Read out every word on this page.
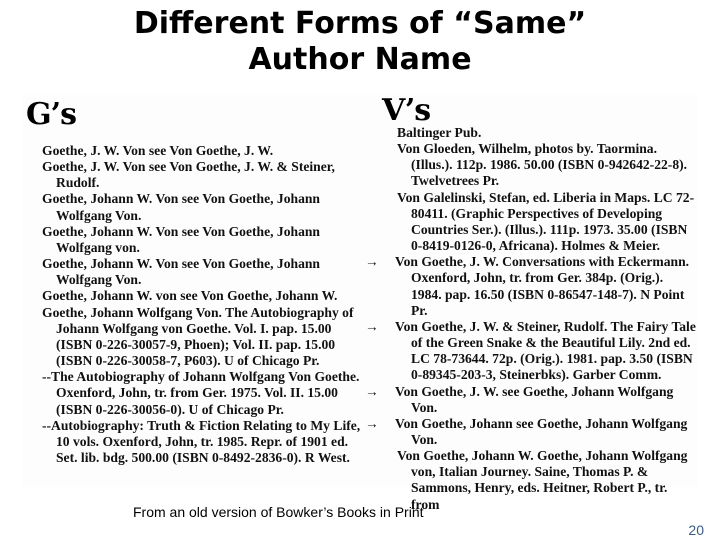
Different Forms of “Same”
Author Name
G’s	V’s

Goethe, J. W. Von see Von Goethe, J. W.

Goethe, J. W. Von see Von Goethe, J. W. & Steiner, Rudolf.

Goethe, Johann W. Von see Von Goethe, Johann Wolfgang Von.

Goethe, Johann W. Von see Von Goethe, Johann Wolfgang von.

Goethe, Johann W. Von see Von Goethe, Johann Wolfgang Von.

Goethe, Johann W. von see Von Goethe, Johann W.

Goethe, Johann Wolfgang Von. The Autobiography of Johann Wolfgang von Goethe. Vol. I. pap. 15.00 (ISBN 0-226-30057-9, Phoen); Vol. II. pap. 15.00 (ISBN 0-226-30058-7, P603). U of Chicago Pr.

--The Autobiography of Johann Wolfgang Von Goethe. Oxenford, John, tr. from Ger. 1975. Vol. II. 15.00 (ISBN 0-226-30056-0). U of Chicago Pr.

--Autobiography: Truth & Fiction Relating to My Life, 10 vols. Oxenford, John, tr. 1985. Repr. of 1901 ed. Set. lib. bdg. 500.00 (ISBN 0-8492-2836-0). R West.

Baltinger Pub.

Von Gloeden, Wilhelm, photos by. Taormina. (Illus.). 112p. 1986. 50.00 (ISBN 0-942642-22-8). Twelvetrees Pr.

Von Galelinski, Stefan, ed. Liberia in Maps. LC 72-80411. (Graphic Perspectives of Developing Countries Ser.). (Illus.). 111p. 1973. 35.00 (ISBN 0-8419-0126-0, Africana). Holmes & Meier.

→ Von Goethe, J. W. Conversations with Eckermann. Oxenford, John, tr. from Ger. 384p. (Orig.). 1984. pap. 16.50 (ISBN 0-86547-148-7). N Point Pr.

→ Von Goethe, J. W. & Steiner, Rudolf. The Fairy Tale of the Green Snake & the Beautiful Lily. 2nd ed. LC 78-73644. 72p. (Orig.). 1981. pap. 3.50 (ISBN 0-89345-203-3, Steinerbks). Garber Comm.

→ Von Goethe, J. W. see Goethe, Johann Wolfgang Von.

→ Von Goethe, Johann see Goethe, Johann Wolfgang Von.

Von Goethe, Johann W. Goethe, Johann Wolfgang von, Italian Journey. Saine, Thomas P. & Sammons, Henry, eds. Heitner, Robert P., tr. from

From an old version of Bowker’s Books in Print
20
